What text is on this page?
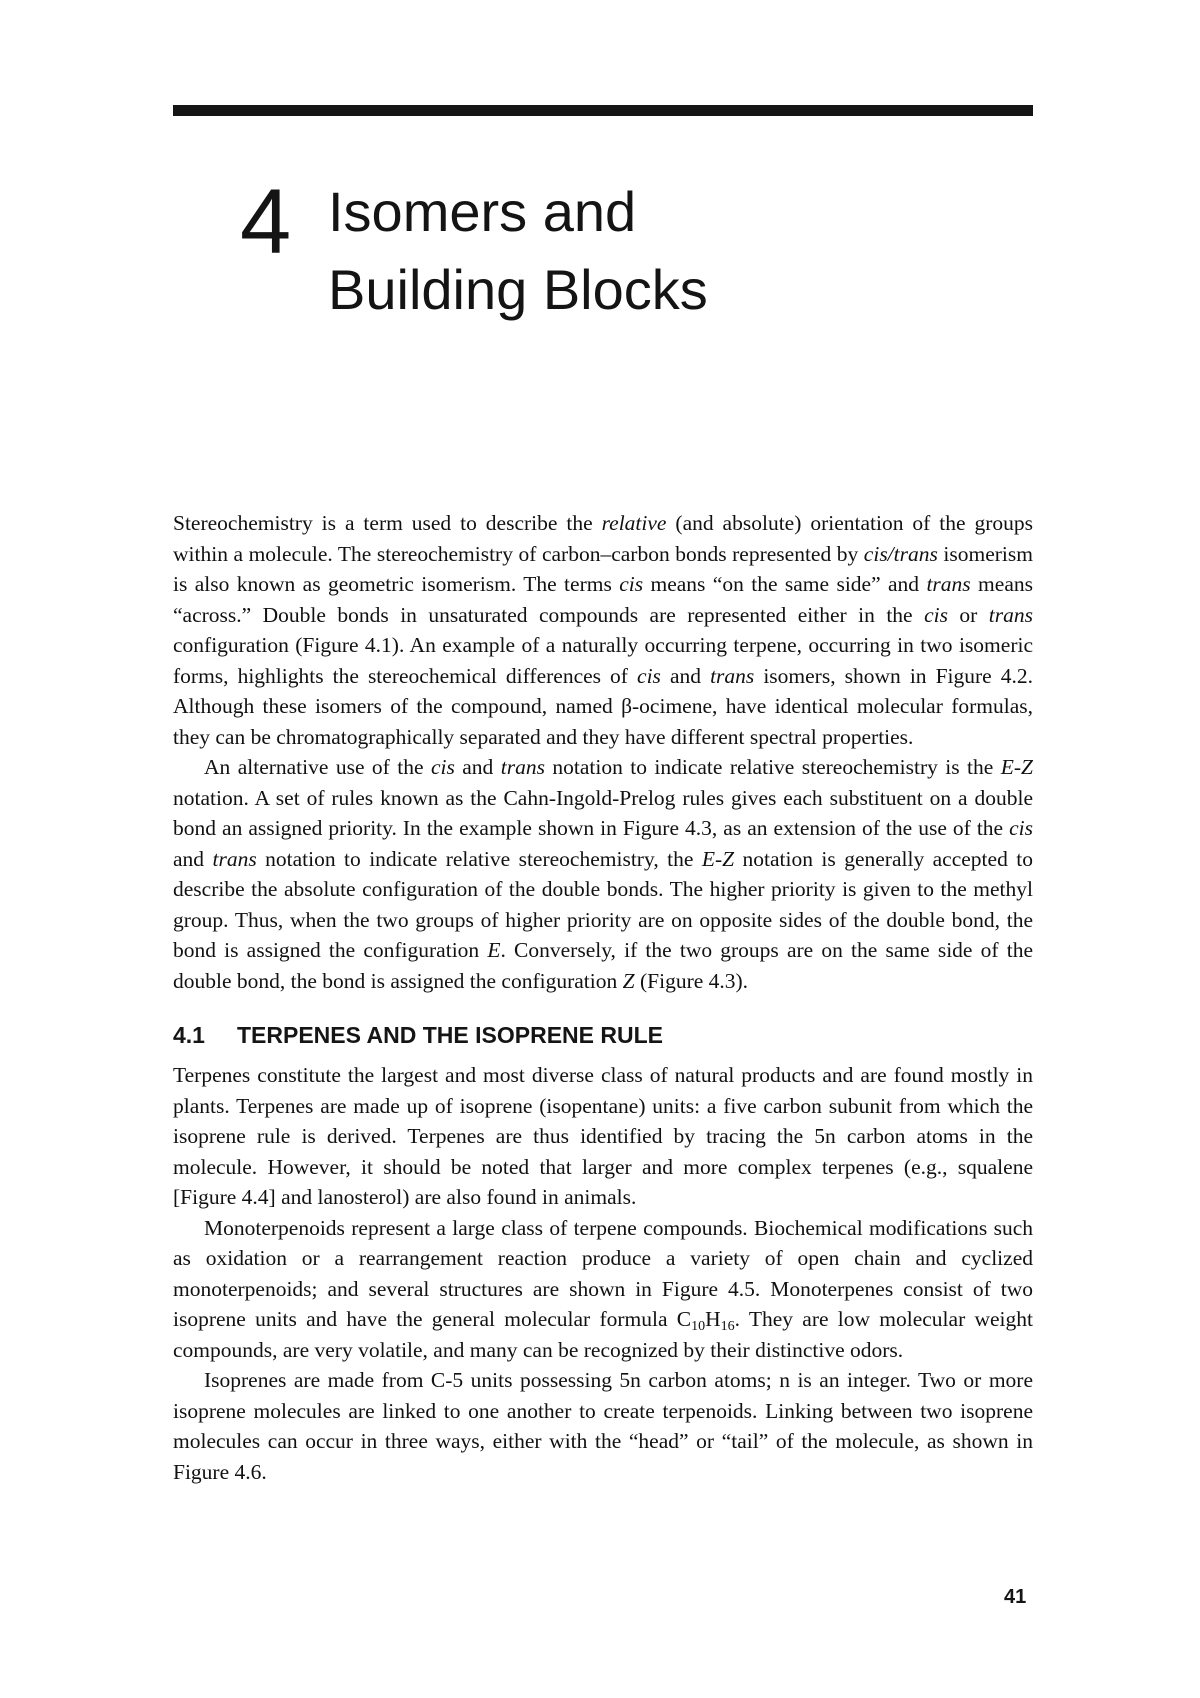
4 Isomers and
Building Blocks

Stereochemistry is a term used to describe the relative (and absolute) orientation of the groups within a molecule. The stereochemistry of carbon–carbon bonds represented by cis/trans isomerism is also known as geometric isomerism. The terms cis means “on the same side” and trans means “across.” Double bonds in unsaturated compounds are represented either in the cis or trans configuration (Figure 4.1). An example of a naturally occurring terpene, occurring in two isomeric forms, highlights the stereochemical differences of cis and trans isomers, shown in Figure 4.2. Although these isomers of the compound, named β-ocimene, have identical molecular formulas, they can be chromatographically separated and they have different spectral properties.

An alternative use of the cis and trans notation to indicate relative stereochemistry is the E-Z notation. A set of rules known as the Cahn-Ingold-Prelog rules gives each substituent on a double bond an assigned priority. In the example shown in Figure 4.3, as an extension of the use of the cis and trans notation to indicate relative stereochemistry, the E-Z notation is generally accepted to describe the absolute configuration of the double bonds. The higher priority is given to the methyl group. Thus, when the two groups of higher priority are on opposite sides of the double bond, the bond is assigned the configuration E. Conversely, if the two groups are on the same side of the double bond, the bond is assigned the configuration Z (Figure 4.3).

4.1 TERPENES AND THE ISOPRENE RULE

Terpenes constitute the largest and most diverse class of natural products and are found mostly in plants. Terpenes are made up of isoprene (isopentane) units: a five carbon subunit from which the isoprene rule is derived. Terpenes are thus identified by tracing the 5n carbon atoms in the molecule. However, it should be noted that larger and more complex terpenes (e.g., squalene [Figure 4.4] and lanosterol) are also found in animals.

Monoterpenoids represent a large class of terpene compounds. Biochemical modifications such as oxidation or a rearrangement reaction produce a variety of open chain and cyclized monoterpenoids; and several structures are shown in Figure 4.5. Monoterpenes consist of two isoprene units and have the general molecular formula $C_{10}H_{16}$. They are low molecular weight compounds, are very volatile, and many can be recognized by their distinctive odors.

Isoprenes are made from C-5 units possessing 5n carbon atoms; n is an integer. Two or more isoprene molecules are linked to one another to create terpenoids. Linking between two isoprene molecules can occur in three ways, either with the “head” or “tail” of the molecule, as shown in Figure 4.6.

41
